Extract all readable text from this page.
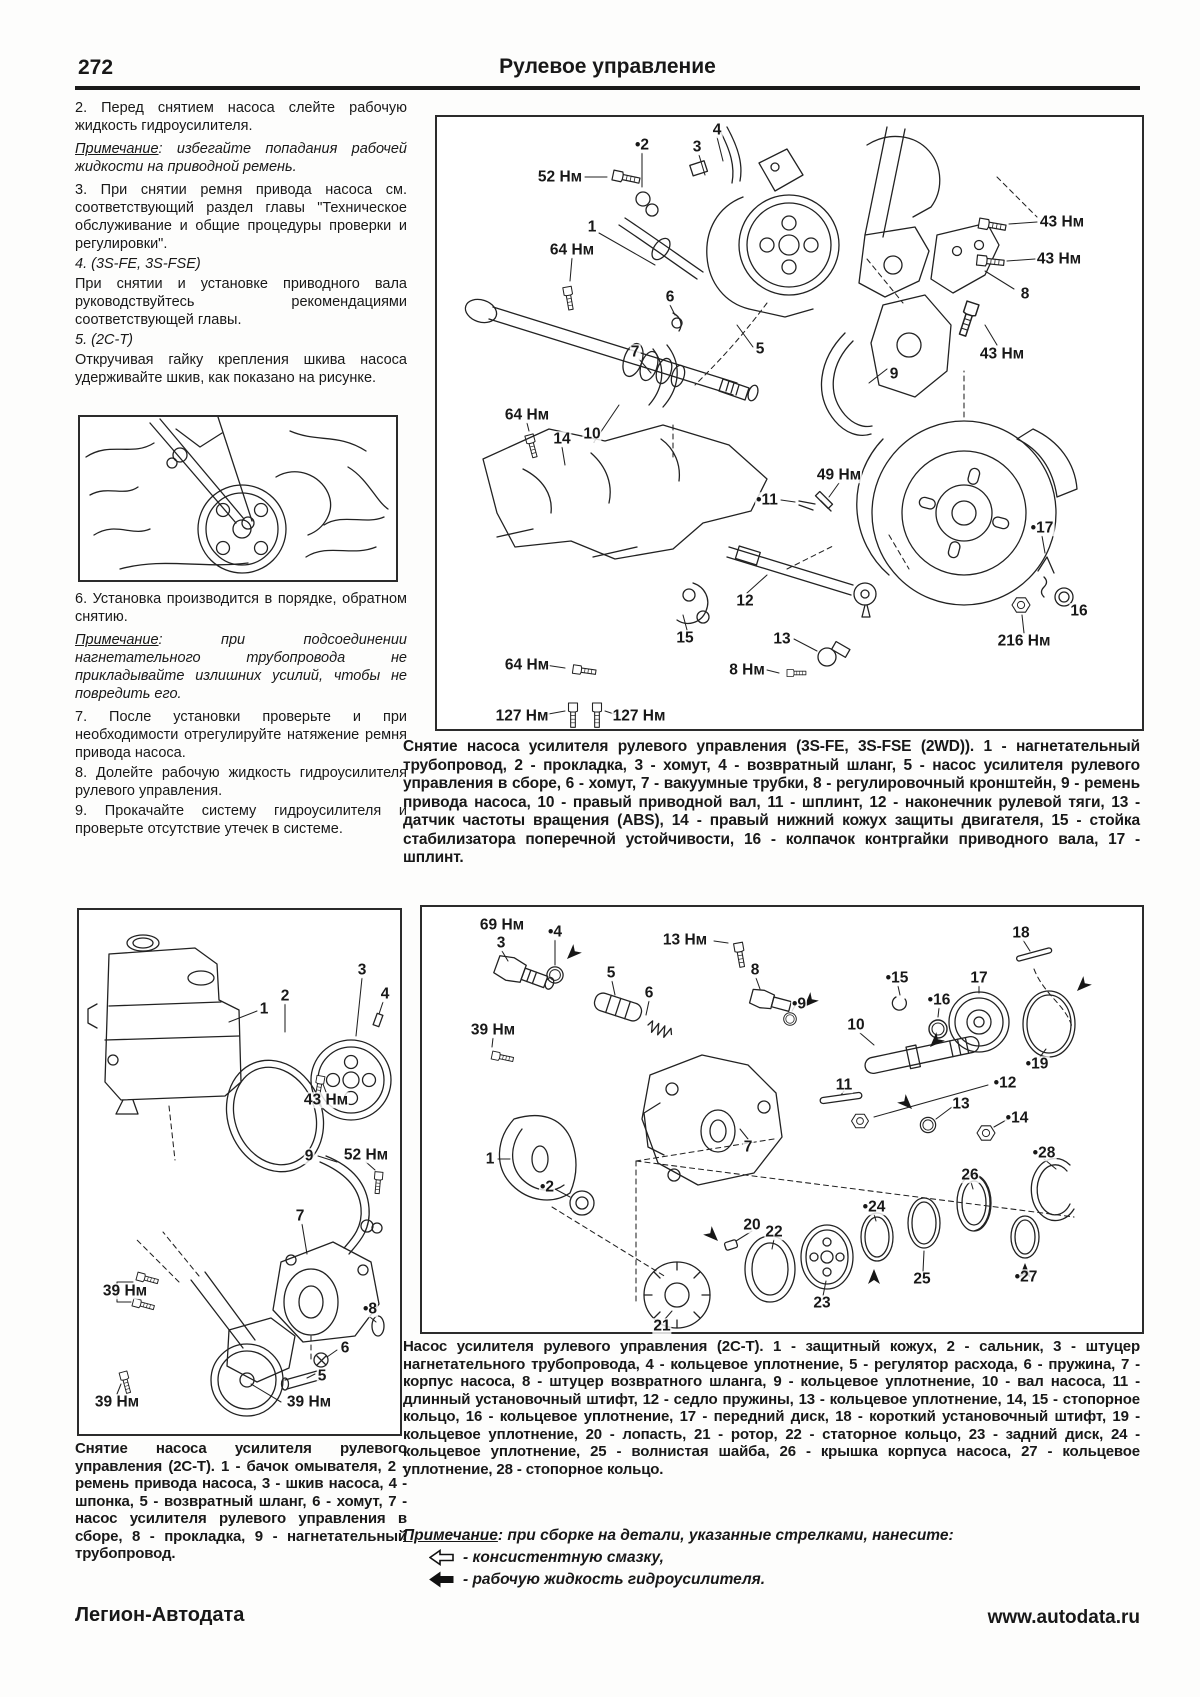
272	Рулевое управление

2. Перед снятием насоса слейте рабочую жидкость гидроусилителя.

Примечание: избегайте попадания рабочей жидкости на приводной ремень.

3. При снятии ремня привода насоса см. соответствующий раздел главы "Техническое обслуживание и общие процедуры проверки и регулировки".

4. (3S-FE, 3S-FSE)

При снятии и установке приводного вала руководствуйтесь рекомендациями соответствующей главы.

5. (2C-T)

Откручивая гайку крепления шкива насоса удерживайте шкив, как показано на рисунке.

6. Установка производится в порядке, обратном снятию.

Примечание: при подсоединении нагнетательного трубопровода не прикладывайте излишних усилий, чтобы не повредить его.

7. После установки проверьте и при необходимости отрегулируйте натяжение ремня привода насоса.

8. Долейте рабочую жидкость гидроусилителя рулевого управления.

9. Прокачайте систему гидроусилителя и проверьте отсутствие утечек в системе.

52 Нм
•2	3
4
1
64 Нм
43 Нм
43 Нм
8
43 Нм
9
6
7	5
64 Нм
14 10
49 Нм
•11
•17
12
15	13
8 Нм
16
216 Нм
64 Нм
127 Нм	127 Нм
Снятие насоса усилителя рулевого управления (3S-FE, 3S-FSE (2WD)). 1 - нагнетательный трубопровод, 2 - прокладка, 3 - хомут, 4 - возвратный шланг, 5 - насос усилителя рулевого управления в сборе, 6 - хомут, 7 - вакуумные трубки, 8 - регулировочный кронштейн, 9 - ремень привода насоса, 10 - правый приводной вал, 11 - шплинт, 12 - наконечник рулевой тяги, 13 - датчик частоты вращения (ABS), 14 - правый нижний кожух защиты двигателя, 15 - стойка стабилизатора поперечной устойчивости, 16 - колпачок контргайки приводного вала, 17 - шплинт.
1
2
3
4
43 Нм
9 52 Нм
7
•8
39 Нм
6
5
39 Нм	39 Нм
Снятие насоса усилителя рулевого управления (2C-T). 1 - бачок омывателя, 2 - ремень привода насоса, 3 - шкив насоса, 4 - шпонка, 5 - возвратный шланг, 6 - хомут, 7 - насос усилителя рулевого управления в сборе, 8 - прокладка, 9 - нагнетательный трубопровод.
69 Нм
3
•4
5
6
13 Нм
8
•9
39 Нм
1
•2
7
10
11
•15
•16
17
18
•19
•12
13
•14
20
21
22
23
•24
25
26
•27
•28
Насос усилителя рулевого управления (2C-T). 1 - защитный кожух, 2 - сальник, 3 - штуцер нагнетательного трубопровода, 4 - кольцевое уплотнение, 5 - регулятор расхода, 6 - пружина, 7 - корпус насоса, 8 - штуцер возвратного шланга, 9 - кольцевое уплотнение, 10 - вал насоса, 11 - длинный установочный штифт, 12 - седло пружины, 13 - кольцевое уплотнение, 14, 15 - стопорное кольцо, 16 - кольцевое уплотнение, 17 - передний диск, 18 - короткий установочный штифт, 19 - кольцевое уплотнение, 20 - лопасть, 21 - ротор, 22 - статорное кольцо, 23 - задний диск, 24 - кольцевое уплотнение, 25 - волнистая шайба, 26 - крышка корпуса насоса, 27 - кольцевое уплотнение, 28 - стопорное кольцо.
Примечание: при сборке на детали, указанные стрелками, нанесите:
- консистентную смазку,
- рабочую жидкость гидроусилителя.
Легион-Автодата	www.autodata.ru
